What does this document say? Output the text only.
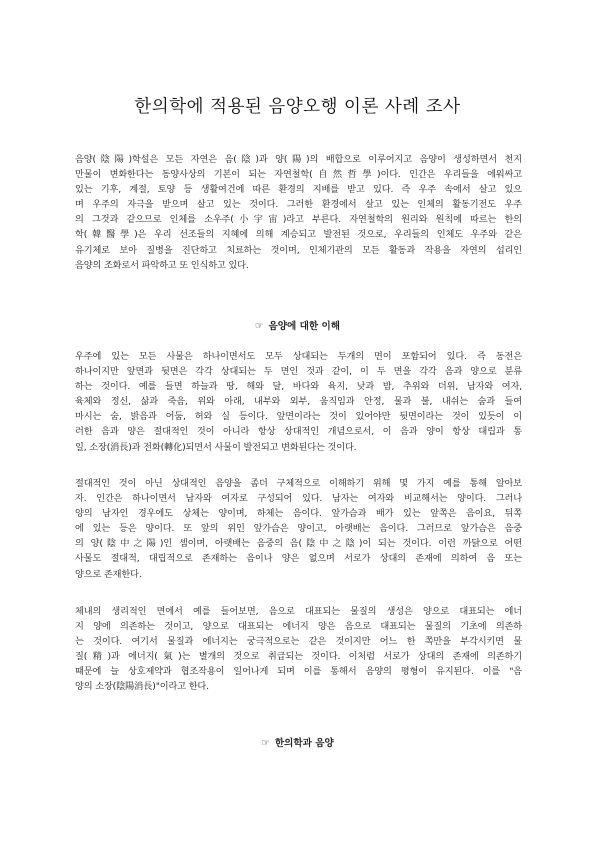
한의학에 적용된 음양오행 이론 사례 조사

음양(陰陽)학설은 모든 자연은 음(陰)과 양(陽)의 배합으로 이루어지고 음양이 생성하면서 천지
만물이 변화한다는 동양사상의 기본이 되는 자연철학(自然哲學)이다. 인간은 우리들을 에워싸고
있는 기후, 계절, 토양 등 생활여건에 따른 환경의 지배를 받고 있다. 즉 우주 속에서 살고 있으
며 우주의 자극을 받으며 살고 있는 것이다. 그러한 환경에서 살고 있는 인체의 활동기전도 우주
의 그것과 같으므로 인체를 소우주(小宇宙)라고 부른다. 자연철학의 원리와 원칙에 따르는 한의
학(韓醫學)은 우리 선조들의 지혜에 의해 계승되고 발전된 것으로, 우리들의 인체도 우주와 같은
유기체로 보아 질병을 진단하고 치료하는 것이며, 인체기관의 모든 활동과 작용을 자연의 섭리인
음양의 조화로서 파악하고 또 인식하고 있다.

☞ 음양에 대한 이해

우주에 있는 모든 사물은 하나이면서도 모두 상대되는 두개의 면이 포함되어 있다. 즉 동전은
하나이지만 앞면과 뒷면은 각각 상대되는 두 면인 것과 같이, 이 두 면을 각각 음과 양으로 분류
하는 것이다. 예를 들면 하늘과 땅, 해와 달, 바다와 육지, 낮과 밤, 추위와 더위, 남자와 여자,
육체와 정신, 삶과 죽음, 위와 아래, 내부와 외부, 움직임과 안정, 물과 불, 내쉬는 숨과 들여
마시는 숨, 밝음과 어둠, 허와 실 등이다. 앞면이라는 것이 있어야만 뒷면이라는 것이 있듯이 이
러한 음과 양은 절대적인 것이 아니라 항상 상대적인 개념으로서, 이 음과 양이 항상 대립과 통
일, 소장(消長)과 전화(轉化)되면서 사물이 발전되고 변화된다는 것이다.

절대적인 것이 아닌 상대적인 음양을 좀더 구체적으로 이해하기 위해 몇 가지 예를 통해 알아보
자. 인간은 하나이면서 남자와 여자로 구성되어 있다. 남자는 여자와 비교해서는 양이다. 그러나
양의 남자인 경우에도 상체는 양이며, 하체는 음이다. 앞가슴과 배가 있는 앞쪽은 음이요, 뒤쪽
에 있는 등은 양이다. 또 앞의 위인 앞가슴은 양이고, 아랫배는 음이다. 그러므로 앞가슴은 음중
의 양(陰中之陽)인 셈이며, 아랫배는 음중의 음(陰中之陰)이 되는 것이다. 이런 까닭으로 어떤
사물도 절대적, 대립적으로 존재하는 음이나 양은 없으며 서로가 상대의 존재에 의하여 음 또는
양으로 존재한다.

체내의 생리적인 면에서 예를 들어보면, 음으로 대표되는 물질의 생성은 양으로 대표되는 에너
지 양에 의존하는 것이고, 양으로 대표되는 에너지 양은 음으로 대표되는 물질의 기초에 의존하
는 것이다. 여기서 물질과 에너지는 궁극적으로는 같은 것이지만 어느 한 쪽만을 부각시키면 물
질(精)과 에너지(氣)는 별개의 것으로 취급되는 것이다. 이처럼 서로가 상대의 존재에 의존하기
때문에 늘 상호제약과 협조작용이 일어나게 되며 이를 통해서 음양의 평형이 유지된다. 이를 "음
양의 소장(陰陽消長)"이라고 한다.

☞ 한의학과 음양
